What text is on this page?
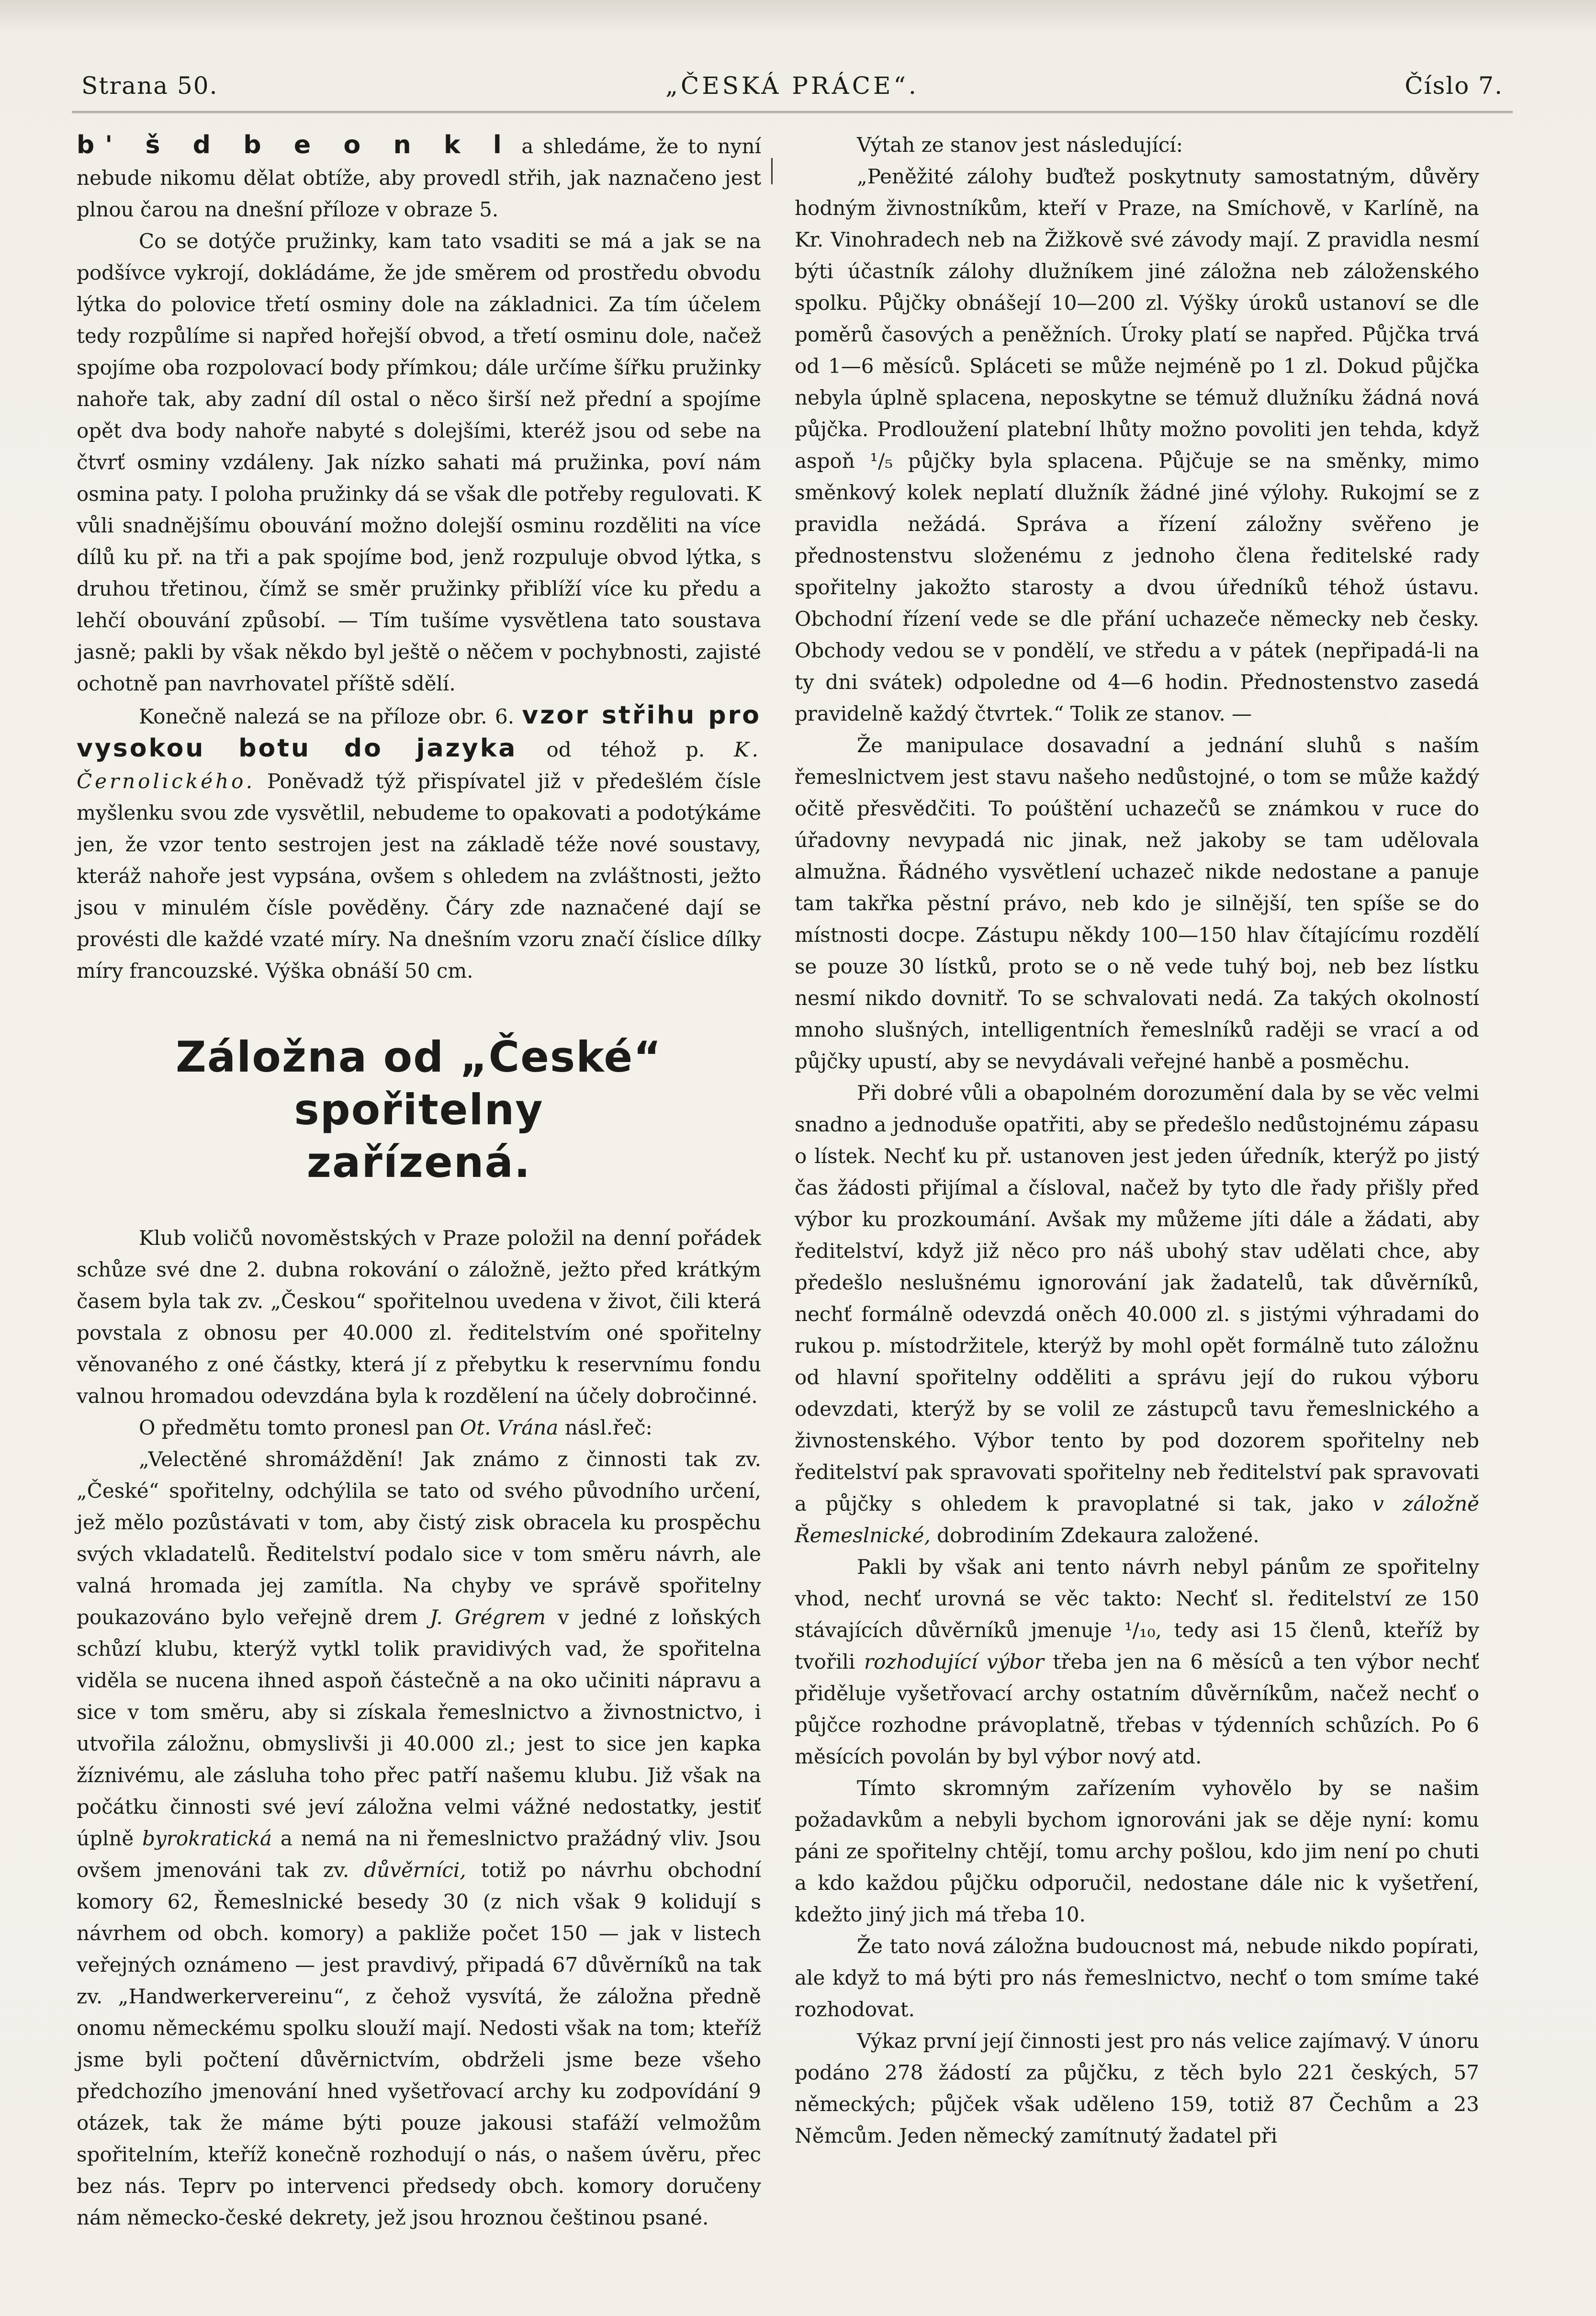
Strana 50.	„ČESKÁ PRÁCE“.	Číslo 7.

b' š d b e o n k l a shledáme, že to nyní nebude nikomu dělat obtíže, aby provedl střih, jak naznačeno jest plnou čarou na dnešní příloze v obraze 5.

Co se dotýče pružinky, kam tato vsaditi se má a jak se na podšívce vykrojí, dokládáme, že jde směrem od prostředu obvodu lýtka do polovice třetí osminy dole na základnici. Za tím účelem tedy rozpůlíme si napřed hořejší obvod, a třetí osminu dole, načež spojíme oba rozpolovací body přímkou; dále určíme šířku pružinky nahoře tak, aby zadní díl ostal o něco širší než přední a spojíme opět dva body nahoře nabyté s dolejšími, kteréž jsou od sebe na čtvrť osminy vzdáleny. Jak nízko sahati má pružinka, poví nám osmina paty. I poloha pružinky dá se však dle potřeby regulovati. K vůli snadnějšímu obouvání možno dolejší osminu rozděliti na více dílů ku př. na tři a pak spojíme bod, jenž rozpuluje obvod lýtka, s druhou třetinou, čímž se směr pružinky přiblíží více ku předu a lehčí obouvání způsobí. — Tím tušíme vysvětlena tato soustava jasně; pakli by však někdo byl ještě o něčem v pochybnosti, zajisté ochotně pan navrhovatel příště sdělí.

Konečně nalezá se na příloze obr. 6. vzor střihu pro vysokou botu do jazyka od téhož p. K. Černolického. Poněvadž týž přispívatel již v předešlém čísle myšlenku svou zde vysvětlil, nebudeme to opakovati a podotýkáme jen, že vzor tento sestrojen jest na základě téže nové soustavy, kteráž nahoře jest vypsána, ovšem s ohledem na zvláštnosti, ježto jsou v minulém čísle pověděny. Čáry zde naznačené dají se provésti dle každé vzaté míry. Na dnešním vzoru značí číslice dílky míry francouzské. Výška obnáší 50 cm.

Záložna od „České“ spořitelny
zařízená.

Klub voličů novoměstských v Praze položil na denní pořádek schůze své dne 2. dubna rokování o záložně, ježto před krátkým časem byla tak zv. „Českou“ spořitelnou uvedena v život, čili která povstala z obnosu per 40.000 zl. ředitelstvím oné spořitelny věnovaného z oné částky, která jí z přebytku k reservnímu fondu valnou hromadou odevzdána byla k rozdělení na účely dobročinné.

O předmětu tomto pronesl pan Ot. Vrána násl.řeč:

„Velectěné shromáždění! Jak známo z činnosti tak zv. „České“ spořitelny, odchýlila se tato od svého původního určení, jež mělo pozůstávati v tom, aby čistý zisk obracela ku prospěchu svých vkladatelů. Ředitelství podalo sice v tom směru návrh, ale valná hromada jej zamítla. Na chyby ve správě spořitelny poukazováno bylo veřejně drem J. Grégrem v jedné z loňských schůzí klubu, kterýž vytkl tolik pravidivých vad, že spořitelna viděla se nucena ihned aspoň částečně a na oko učiniti nápravu a sice v tom směru, aby si získala řemeslnictvo a živnostnictvo, i utvořila záložnu, obmyslivši ji 40.000 zl.; jest to sice jen kapka žíznivému, ale zásluha toho přec patří našemu klubu. Již však na počátku činnosti své jeví záložna velmi vážné nedostatky, jestiť úplně byrokratická a nemá na ni řemeslnictvo pražádný vliv. Jsou ovšem jmenováni tak zv. důvěrníci, totiž po návrhu obchodní komory 62, Řemeslnické besedy 30 (z nich však 9 kolidují s návrhem od obch. komory) a pakliže počet 150 — jak v listech veřejných oznámeno — jest pravdivý, připadá 67 důvěrníků na tak zv. „Handwerkervereinu“, z čehož vysvítá, že záložna předně onomu německému spolku slouží mají. Nedosti však na tom; kteříž jsme byli počtení důvěrnictvím, obdrželi jsme beze všeho předchozího jmenování hned vyšetřovací archy ku zodpovídání 9 otázek, tak že máme býti pouze jakousi stafáží velmožům spořitelním, kteříž konečně rozhodují o nás, o našem úvěru, přec bez nás. Teprv po intervenci předsedy obch. komory doručeny nám německo-české dekrety, jež jsou hroznou češtinou psané.

Výtah ze stanov jest následující:

„Peněžité zálohy buďtež poskytnuty samostatným, důvěry hodným živnostníkům, kteří v Praze, na Smíchově, v Karlíně, na Kr. Vinohradech neb na Žižkově své závody mají. Z pravidla nesmí býti účastník zálohy dlužníkem jiné záložna neb záloženského spolku. Půjčky obnášejí 10—200 zl. Výšky úroků ustanoví se dle poměrů časových a peněžních. Úroky platí se napřed. Půjčka trvá od 1—6 měsíců. Spláceti se může nejméně po 1 zl. Dokud půjčka nebyla úplně splacena, neposkytne se témuž dlužníku žádná nová půjčka. Prodloužení platební lhůty možno povoliti jen tehda, když aspoň ¹/₅ půjčky byla splacena. Půjčuje se na směnky, mimo směnkový kolek neplatí dlužník žádné jiné výlohy. Rukojmí se z pravidla nežádá. Správa a řízení záložny svěřeno je přednostenstvu složenému z jednoho člena ředitelské rady spořitelny jakožto starosty a dvou úředníků téhož ústavu. Obchodní řízení vede se dle přání uchazeče německy neb česky. Obchody vedou se v pondělí, ve středu a v pátek (nepřipadá-li na ty dni svátek) odpoledne od 4—6 hodin. Přednostenstvo zasedá pravidelně každý čtvrtek.“ Tolik ze stanov. —

Že manipulace dosavadní a jednání sluhů s naším řemeslnictvem jest stavu našeho nedůstojné, o tom se může každý očitě přesvědčiti. To poúštění uchazečů se známkou v ruce do úřadovny nevypadá nic jinak, než jakoby se tam udělovala almužna. Řádného vysvětlení uchazeč nikde nedostane a panuje tam takřka pěstní právo, neb kdo je silnější, ten spíše se do místnosti docpe. Zástupu někdy 100—150 hlav čítajícímu rozdělí se pouze 30 lístků, proto se o ně vede tuhý boj, neb bez lístku nesmí nikdo dovnitř. To se schvalovati nedá. Za takých okolností mnoho slušných, intelligentních řemeslníků raději se vrací a od půjčky upustí, aby se nevydávali veřejné hanbě a posměchu.

Při dobré vůli a obapolném dorozumění dala by se věc velmi snadno a jednoduše opatřiti, aby se předešlo nedůstojnému zápasu o lístek. Nechť ku př. ustanoven jest jeden úředník, kterýž po jistý čas žádosti přijímal a čísloval, načež by tyto dle řady přišly před výbor ku prozkoumání. Avšak my můžeme jíti dále a žádati, aby ředitelství, když již něco pro náš ubohý stav udělati chce, aby předešlo neslušnému ignorování jak žadatelů, tak důvěrníků, nechť formálně odevzdá oněch 40.000 zl. s jistými výhradami do rukou p. místodržitele, kterýž by mohl opět formálně tuto záložnu od hlavní spořitelny odděliti a správu její do rukou výboru odevzdati, kterýž by se volil ze zástupců tavu řemeslnického a živnostenského. Výbor tento by pod dozorem spořitelny neb ředitelství pak spravovati spořitelny neb ředitelství pak spravovati a půjčky s ohledem k pravoplatné si tak, jako v záložně Řemeslnické, dobrodiním Zdekaura založené.

Pakli by však ani tento návrh nebyl pánům ze spořitelny vhod, nechť urovná se věc takto: Nechť sl. ředitelství ze 150 stávajících důvěrníků jmenuje ¹/₁₀, tedy asi 15 členů, kteříž by tvořili rozhodující výbor třeba jen na 6 měsíců a ten výbor nechť přiděluje vyšetřovací archy ostatním důvěrníkům, načež nechť o půjčce rozhodne právoplatně, třebas v týdenních schůzích. Po 6 měsících povolán by byl výbor nový atd.

Tímto skromným zařízením vyhovělo by se našim požadavkům a nebyli bychom ignorováni jak se děje nyní: komu páni ze spořitelny chtějí, tomu archy pošlou, kdo jim není po chuti a kdo každou půjčku odporučil, nedostane dále nic k vyšetření, kdežto jiný jich má třeba 10.

Že tato nová záložna budoucnost má, nebude nikdo popírati, ale když to má býti pro nás řemeslnictvo, nechť o tom smíme také rozhodovat.

Výkaz první její činnosti jest pro nás velice zajímavý. V únoru podáno 278 žádostí za půjčku, z těch bylo 221 českých, 57 německých; půjček však uděleno 159, totiž 87 Čechům a 23 Němcům. Jeden německý zamítnutý žadatel při
